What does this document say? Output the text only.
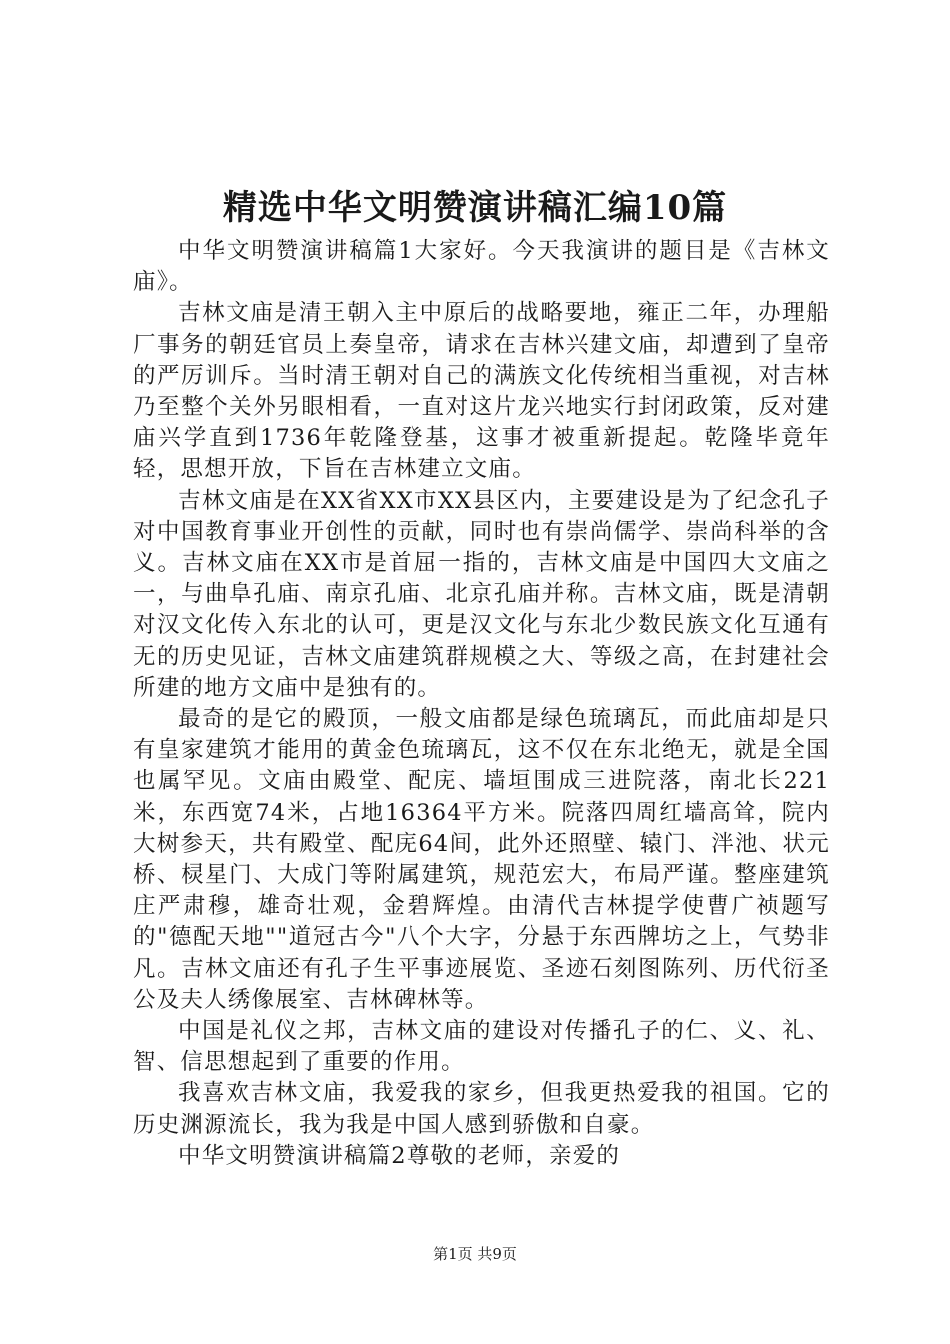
精选中华文明赞演讲稿汇编10篇

中华文明赞演讲稿篇1大家好。今天我演讲的题目是《吉林文庙》。

吉林文庙是清王朝入主中原后的战略要地，雍正二年，办理船厂事务的朝廷官员上奏皇帝，请求在吉林兴建文庙，却遭到了皇帝的严厉训斥。当时清王朝对自己的满族文化传统相当重视，对吉林乃至整个关外另眼相看，一直对这片龙兴地实行封闭政策，反对建庙兴学直到1736年乾隆登基，这事才被重新提起。乾隆毕竟年轻，思想开放，下旨在吉林建立文庙。

吉林文庙是在XX省XX市XX县区内，主要建设是为了纪念孔子对中国教育事业开创性的贡献，同时也有崇尚儒学、崇尚科举的含义。吉林文庙在XX市是首屈一指的，吉林文庙是中国四大文庙之一，与曲阜孔庙、南京孔庙、北京孔庙并称。吉林文庙，既是清朝对汉文化传入东北的认可，更是汉文化与东北少数民族文化互通有无的历史见证，吉林文庙建筑群规模之大、等级之高，在封建社会所建的地方文庙中是独有的。

最奇的是它的殿顶，一般文庙都是绿色琉璃瓦，而此庙却是只有皇家建筑才能用的黄金色琉璃瓦，这不仅在东北绝无，就是全国也属罕见。文庙由殿堂、配庑、墙垣围成三进院落，南北长221米，东西宽74米，占地16364平方米。院落四周红墙高耸，院内大树参天，共有殿堂、配庑64间，此外还照壁、辕门、泮池、状元桥、棂星门、大成门等附属建筑，规范宏大，布局严谨。整座建筑庄严肃穆，雄奇壮观，金碧辉煌。由清代吉林提学使曹广祯题写的"德配天地""道冠古今"八个大字，分悬于东西牌坊之上，气势非凡。吉林文庙还有孔子生平事迹展览、圣迹石刻图陈列、历代衍圣公及夫人绣像展室、吉林碑林等。

中国是礼仪之邦，吉林文庙的建设对传播孔子的仁、义、礼、智、信思想起到了重要的作用。

我喜欢吉林文庙，我爱我的家乡，但我更热爱我的祖国。它的历史渊源流长，我为我是中国人感到骄傲和自豪。

中华文明赞演讲稿篇2尊敬的老师，亲爱的

第1页 共9页
